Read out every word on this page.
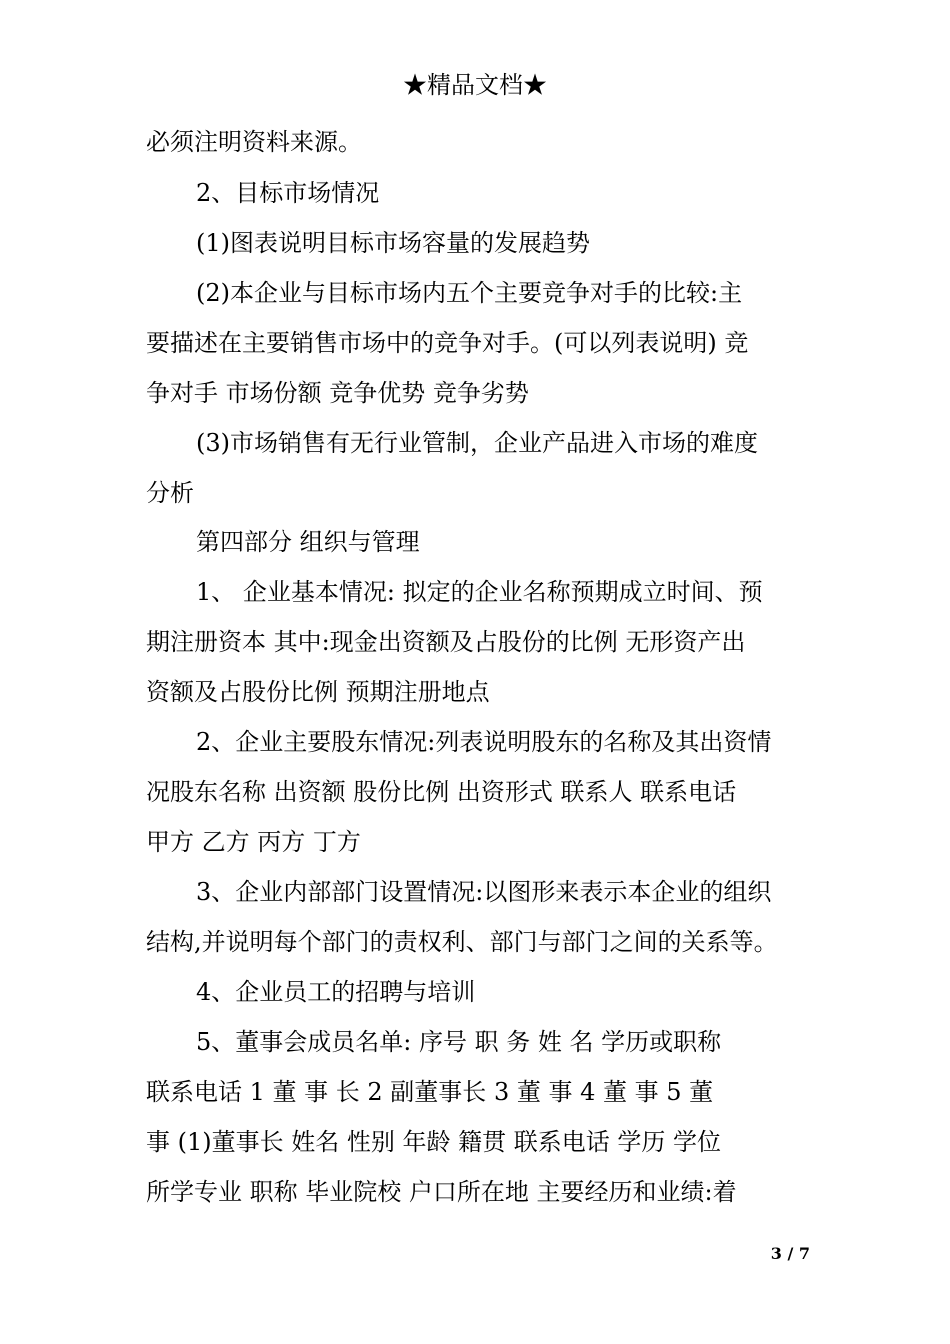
★精品文档★
必须注明资料来源。
2、目标市场情况
(1)图表说明目标市场容量的发展趋势
(2)本企业与目标市场内五个主要竞争对手的比较:主
要描述在主要销售市场中的竞争对手。(可以列表说明) 竞
争对手 市场份额 竞争优势 竞争劣势
(3)市场销售有无行业管制，企业产品进入市场的难度
分析
第四部分 组织与管理
1、 企业基本情况: 拟定的企业名称预期成立时间、预
期注册资本 其中:现金出资额及占股份的比例 无形资产出
资额及占股份比例 预期注册地点
2、企业主要股东情况:列表说明股东的名称及其出资情
况股东名称 出资额 股份比例 出资形式 联系人 联系电话
甲方 乙方 丙方 丁方
3、企业内部部门设置情况:以图形来表示本企业的组织
结构,并说明每个部门的责权利、部门与部门之间的关系等。
4、企业员工的招聘与培训
5、董事会成员名单: 序号 职 务 姓 名 学历或职称
联系电话 1 董 事 长 2 副董事长 3 董 事 4 董 事 5 董
事 (1)董事长 姓名 性别 年龄 籍贯 联系电话 学历 学位
所学专业 职称 毕业院校 户口所在地 主要经历和业绩:着
3 / 7
